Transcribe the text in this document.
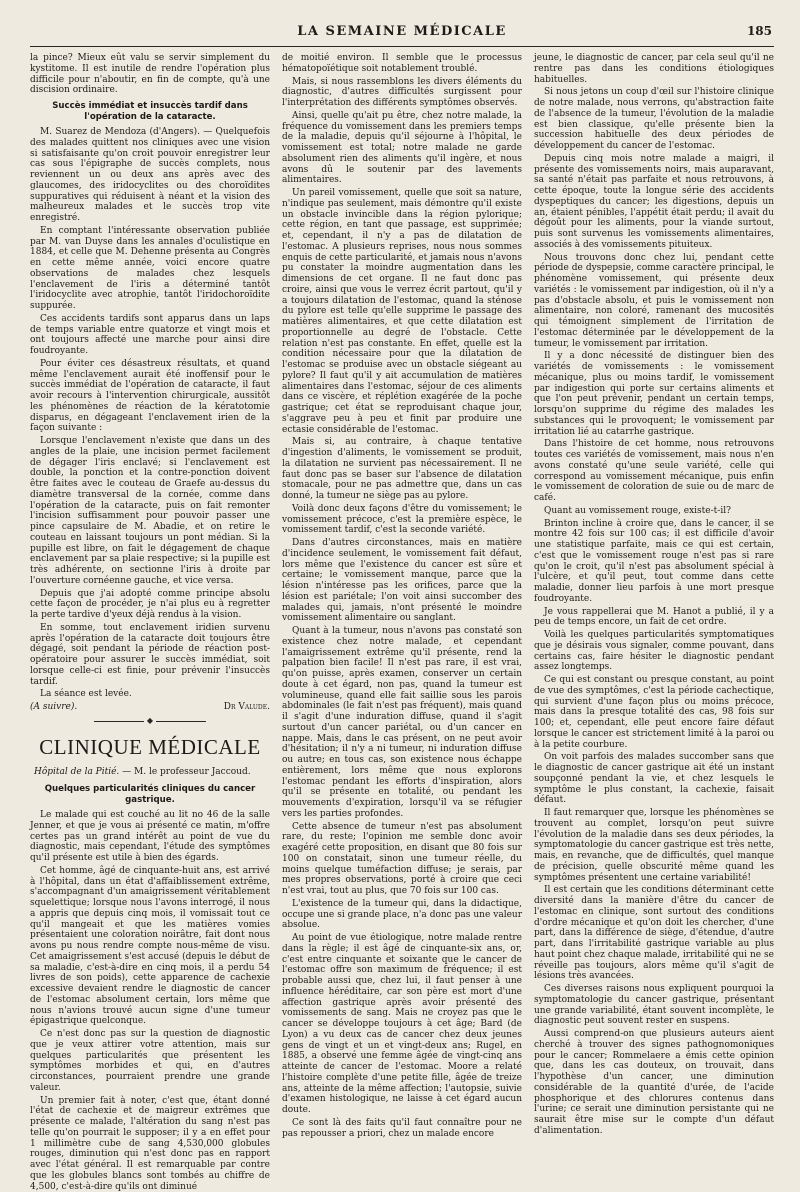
LA SEMAINE MÉDICALE	185

la pince? Mieux eût valu se servir simplement du kystitome. Il est inutile de rendre l'opération plus difficile pour n'aboutir, en fin de compte, qu'à une discision ordinaire.

Succès immédiat et insuccès tardif dans l'opération de la cataracte.

M. Suarez de Mendoza (d'Angers). — Quelquefois des malades quittent nos cliniques avec une vision si satisfaisante qu'on croit pouvoir enregistrer leur cas sous l'épigraphe de succès complets, nous reviennent un ou deux ans après avec des glaucomes, des iridocyclites ou des choroïdites suppuratives qui réduisent à néant et la vision des malheureux malades et le succès trop vite enregistré.

En comptant l'intéressante observation publiée par M. van Duyse dans les annales d'oculistique en 1884, et celle que M. Dehenne présenta au Congrès en cette même année, voici encore quatre observations de malades chez lesquels l'enclavement de l'iris a déterminé tantôt l'iridocyclite avec atrophie, tantôt l'iridochoroïdite suppurée.

Ces accidents tardifs sont apparus dans un laps de temps variable entre quatorze et vingt mois et ont toujours affecté une marche pour ainsi dire foudroyante.

Pour éviter ces désastreux résultats, et quand même l'enclavement aurait été inoffensif pour le succès immédiat de l'opération de cataracte, il faut avoir recours à l'intervention chirurgicale, aussitôt les phénomènes de réaction de la kératotomie disparus, en dégageant l'enclavement irien de la façon suivante :

Lorsque l'enclavement n'existe que dans un des angles de la plaie, une incision permet facilement de dégager l'iris enclavé; si l'enclavement est double, la ponction et la contre-ponction doivent être faites avec le couteau de Graefe au-dessus du diamètre transversal de la cornée, comme dans l'opération de la cataracte, puis on fait remonter l'incision suffisamment pour pouvoir passer une pince capsulaire de M. Abadie, et on retire le couteau en laissant toujours un pont médian. Si la pupille est libre, on fait le dégagement de chaque enclavement par sa plaie respective; si la pupille est très adhérente, on sectionne l'iris à droite par l'ouverture cornéenne gauche, et vice versa.

Depuis que j'ai adopté comme principe absolu cette façon de procéder, je n'ai plus eu à regretter la perte tardive d'yeux déjà rendus à la vision.

En somme, tout enclavement iridien survenu après l'opération de la cataracte doit toujours être dégagé, soit pendant la période de réaction post-opératoire pour assurer le succès immédiat, soit lorsque celle-ci est finie, pour prévenir l'insuccès tardif.

La séance est levée.

(A suivre).	Dr Valude.
◆
CLINIQUE MÉDICALE
Hôpital de la Pitié. — M. le professeur Jaccoud.
Quelques particularités cliniques du cancer gastrique.

Le malade qui est couché au lit no 46 de la salle Jenner, et que je vous ai présenté ce matin, m'offre certes pas un grand intérêt au point de vue du diagnostic, mais cependant, l'étude des symptômes qu'il présente est utile à bien des égards.

Cet homme, âgé de cinquante-huit ans, est arrivé à l'hôpital, dans un état d'affaiblissement extrême, s'accompagnant d'un amaigrissement véritablement squelettique; lorsque nous l'avons interrogé, il nous a appris que depuis cinq mois, il vomissait tout ce qu'il mangeait et que les matières vomies présentaient une coloration noirâtre, fait dont nous avons pu nous rendre compte nous-même de visu. Cet amaigrissement s'est accusé (depuis le début de sa maladie, c'est-à-dire en cinq mois, il a perdu 54 livres de son poids), cette apparence de cachexie excessive devaient rendre le diagnostic de cancer de l'estomac absolument certain, lors même que nous n'avions trouvé aucun signe d'une tumeur épigastrique quelconque.

Ce n'est donc pas sur la question de diagnostic que je veux attirer votre attention, mais sur quelques particularités que présentent les symptômes morbides et qui, en d'autres circonstances, pourraient prendre une grande valeur.

Un premier fait à noter, c'est que, étant donné l'état de cachexie et de maigreur extrêmes que présente ce malade, l'altération du sang n'est pas telle qu'on pourrait le supposer; il y a en effet pour 1 millimètre cube de sang 4,530,000 globules rouges, diminution qui n'est donc pas en rapport avec l'état général. Il est remarquable par contre que les globules blancs sont tombés au chiffre de 4,500, c'est-à-dire qu'ils ont diminué

de moitié environ. Il semble que le processus hématopoïétique soit notablement troublé.

Mais, si nous rassemblons les divers éléments du diagnostic, d'autres difficultés surgissent pour l'interprétation des différents symptômes observés.

Ainsi, quelle qu'ait pu être, chez notre malade, la fréquence du vomissement dans les premiers temps de la maladie, depuis qu'il séjourne à l'hôpital, le vomissement est total; notre malade ne garde absolument rien des aliments qu'il ingère, et nous avons dû le soutenir par des lavements alimentaires.

Un pareil vomissement, quelle que soit sa nature, n'indique pas seulement, mais démontre qu'il existe un obstacle invincible dans la région pylorique; cette région, en tant que passage, est supprimée; et, cependant, il n'y a pas de dilatation de l'estomac. A plusieurs reprises, nous nous sommes enquis de cette particularité, et jamais nous n'avons pu constater la moindre augmentation dans les dimensions de cet organe. Il ne faut donc pas croire, ainsi que vous le verrez écrit partout, qu'il y a toujours dilatation de l'estomac, quand la sténose du pylore est telle qu'elle supprime le passage des matières alimentaires, et que cette dilatation est proportionnelle au degré de l'obstacle. Cette relation n'est pas constante. En effet, quelle est la condition nécessaire pour que la dilatation de l'estomac se produise avec un obstacle siégeant au pylore? Il faut qu'il y ait accumulation de matières alimentaires dans l'estomac, séjour de ces aliments dans ce viscère, et réplétion exagérée de la poche gastrique; cet état se reproduisant chaque jour, s'aggrave peu à peu et finit par produire une ectasie considérable de l'estomac.

Mais si, au contraire, à chaque tentative d'ingestion d'aliments, le vomissement se produit, la dilatation ne survient pas nécessairement. Il ne faut donc pas se baser sur l'absence de dilatation stomacale, pour ne pas admettre que, dans un cas donné, la tumeur ne siège pas au pylore.

Voilà donc deux façons d'être du vomissement; le vomissement précoce, c'est la première espèce, le vomissement tardif, c'est la seconde variété.

Dans d'autres circonstances, mais en matière d'incidence seulement, le vomissement fait défaut, lors même que l'existence du cancer est sûre et certaine; le vomissement manque, parce que la lésion n'intéresse pas les orifices, parce que la lésion est pariétale; l'on voit ainsi succomber des malades qui, jamais, n'ont présenté le moindre vomissement alimentaire ou sanglant.

Quant à la tumeur, nous n'avons pas constaté son existence chez notre malade, et cependant l'amaigrissement extrême qu'il présente, rend la palpation bien facile! Il n'est pas rare, il est vrai, qu'on puisse, après examen, conserver un certain doute à cet égard, non pas, quand la tumeur est volumineuse, quand elle fait saillie sous les parois abdominales (le fait n'est pas fréquent), mais quand il s'agit d'une induration diffuse, quand il s'agit surtout d'un cancer pariétal, ou d'un cancer en nappe. Mais, dans le cas présent, on ne peut avoir d'hésitation; il n'y a ni tumeur, ni induration diffuse ou autre; en tous cas, son existence nous échappe entièrement, lors même que nous explorons l'estomac pendant les efforts d'inspiration, alors qu'il se présente en totalité, ou pendant les mouvements d'expiration, lorsqu'il va se réfugier vers les parties profondes.

Cette absence de tumeur n'est pas absolument rare, du reste; l'opinion me semble donc avoir exagéré cette proposition, en disant que 80 fois sur 100 on constatait, sinon une tumeur réelle, du moins quelque tuméfaction diffuse; je serais, par mes propres observations, porté à croire que ceci n'est vrai, tout au plus, que 70 fois sur 100 cas.

L'existence de la tumeur qui, dans la didactique, occupe une si grande place, n'a donc pas une valeur absolue.

Au point de vue étiologique, notre malade rentre dans la règle; il est âgé de cinquante-six ans, or, c'est entre cinquante et soixante que le cancer de l'estomac offre son maximum de fréquence; il est probable aussi que, chez lui, il faut penser à une influence héréditaire, car son père est mort d'une affection gastrique après avoir présenté des vomissements de sang. Mais ne croyez pas que le cancer se développe toujours à cet âge; Bard (de Lyon) a vu deux cas de cancer chez deux jeunes gens de vingt et un et vingt-deux ans; Rugel, en 1885, a observé une femme âgée de vingt-cinq ans atteinte de cancer de l'estomac. Moore a relaté l'histoire complète d'une petite fille, âgée de treize ans, atteinte de la même affection; l'autopsie, suivie d'examen histologique, ne laisse à cet égard aucun doute.

Ce sont là des faits qu'il faut connaître pour ne pas repousser a priori, chez un malade encore

jeune, le diagnostic de cancer, par cela seul qu'il ne rentre pas dans les conditions étiologiques habituelles.

Si nous jetons un coup d'œil sur l'histoire clinique de notre malade, nous verrons, qu'abstraction faite de l'absence de la tumeur, l'évolution de la maladie est bien classique, qu'elle présente bien la succession habituelle des deux périodes de développement du cancer de l'estomac.

Depuis cinq mois notre malade a maigri, il présente des vomissements noirs, mais auparavant, sa santé n'était pas parfaite et nous retrouvons, à cette époque, toute la longue série des accidents dyspeptiques du cancer; les digestions, depuis un an, étaient pénibles, l'appétit était perdu; il avait du dégoût pour les aliments, pour la viande surtout, puis sont survenus les vomissements alimentaires, associés à des vomissements pituiteux.

Nous trouvons donc chez lui, pendant cette période de dyspepsie, comme caractère principal, le phénomène vomissement, qui présente deux variétés : le vomissement par indigestion, où il n'y a pas d'obstacle absolu, et puis le vomissement non alimentaire, non coloré, ramenant des mucosités qui témoignent simplement de l'irritation de l'estomac déterminée par le développement de la tumeur, le vomissement par irritation.

Il y a donc nécessité de distinguer bien des variétés de vomissements : le vomissement mécanique, plus ou moins tardif, le vomissement par indigestion qui porte sur certains aliments et que l'on peut prévenir, pendant un certain temps, lorsqu'on supprime du régime des malades les substances qui le provoquent; le vomissement par irritation lié au catarrhe gastrique.

Dans l'histoire de cet homme, nous retrouvons toutes ces variétés de vomissement, mais nous n'en avons constaté qu'une seule variété, celle qui correspond au vomissement mécanique, puis enfin le vomissement de coloration de suie ou de marc de café.

Quant au vomissement rouge, existe-t-il?

Brinton incline à croire que, dans le cancer, il se montre 42 fois sur 100 cas; il est difficile d'avoir une statistique parfaite, mais ce qui est certain, c'est que le vomissement rouge n'est pas si rare qu'on le croit, qu'il n'est pas absolument spécial à l'ulcère, et qu'il peut, tout comme dans cette maladie, donner lieu parfois à une mort presque foudroyante.

Je vous rappellerai que M. Hanot a publié, il y a peu de temps encore, un fait de cet ordre.

Voilà les quelques particularités symptomatiques que je désirais vous signaler, comme pouvant, dans certains cas, faire hésiter le diagnostic pendant assez longtemps.

Ce qui est constant ou presque constant, au point de vue des symptômes, c'est la période cachectique, qui survient d'une façon plus ou moins précoce, mais dans la presque totalité des cas, 98 fois sur 100; et, cependant, elle peut encore faire défaut lorsque le cancer est strictement limité à la paroi ou à la petite courbure.

On voit parfois des malades succomber sans que le diagnostic de cancer gastrique ait été un instant soupçonné pendant la vie, et chez lesquels le symptôme le plus constant, la cachexie, faisait défaut.

Il faut remarquer que, lorsque les phénomènes se trouvent au complet, lorsqu'on peut suivre l'évolution de la maladie dans ses deux périodes, la symptomatologie du cancer gastrique est très nette, mais, en revanche, que de difficultés, quel manque de précision, quelle obscurité même quand les symptômes présentent une certaine variabilité!

Il est certain que les conditions déterminant cette diversité dans la manière d'être du cancer de l'estomac en clinique, sont surtout des conditions d'ordre mécanique et qu'on doit les chercher, d'une part, dans la différence de siège, d'étendue, d'autre part, dans l'irritabilité gastrique variable au plus haut point chez chaque malade, irritabilité qui ne se réveille pas toujours, alors même qu'il s'agit de lésions très avancées.

Ces diverses raisons nous expliquent pourquoi la symptomatologie du cancer gastrique, présentant une grande variabilité, étant souvent incomplète, le diagnostic peut souvent rester en suspens.

Aussi comprend-on que plusieurs auteurs aient cherché à trouver des signes pathognomoniques pour le cancer; Rommelaere a émis cette opinion que, dans les cas douteux, on trouvait, dans l'hypothèse d'un cancer, une diminution considérable de la quantité d'urée, de l'acide phosphorique et des chlorures contenus dans l'urine; ce serait une diminution persistante qui ne saurait être mise sur le compte d'un défaut d'alimentation.
